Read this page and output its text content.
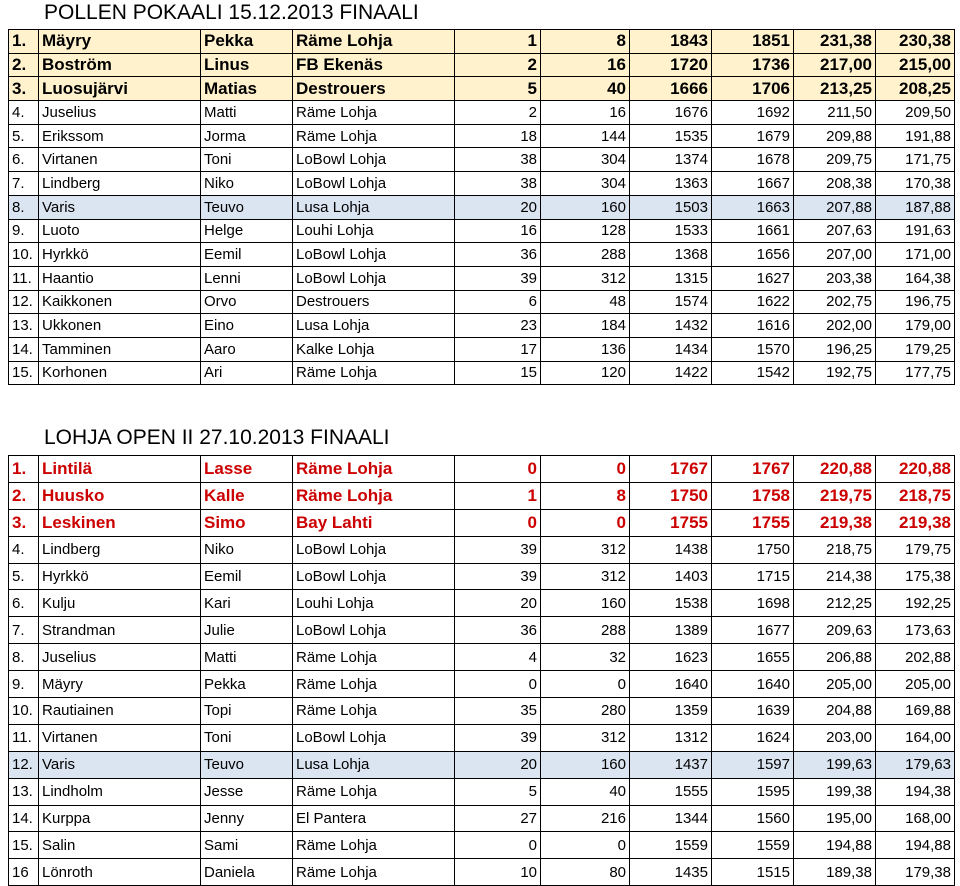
POLLEN POKAALI 15.12.2013 FINAALI
1.	Mäyry	Pekka	Räme Lohja	1	8	1843	1851	231,38	230,38
2.	Boström	Linus	FB Ekenäs	2	16	1720	1736	217,00	215,00
3.	Luosujärvi	Matias	Destrouers	5	40	1666	1706	213,25	208,25
4.	Juselius	Matti	Räme Lohja	2	16	1676	1692	211,50	209,50
5.	Erikssom	Jorma	Räme Lohja	18	144	1535	1679	209,88	191,88
6.	Virtanen	Toni	LoBowl Lohja	38	304	1374	1678	209,75	171,75
7.	Lindberg	Niko	LoBowl Lohja	38	304	1363	1667	208,38	170,38
8.	Varis	Teuvo	Lusa Lohja	20	160	1503	1663	207,88	187,88
9.	Luoto	Helge	Louhi Lohja	16	128	1533	1661	207,63	191,63
10.	Hyrkkö	Eemil	LoBowl Lohja	36	288	1368	1656	207,00	171,00
11.	Haantio	Lenni	LoBowl Lohja	39	312	1315	1627	203,38	164,38
12.	Kaikkonen	Orvo	Destrouers	6	48	1574	1622	202,75	196,75
13.	Ukkonen	Eino	Lusa Lohja	23	184	1432	1616	202,00	179,00
14.	Tamminen	Aaro	Kalke Lohja	17	136	1434	1570	196,25	179,25
15.	Korhonen	Ari	Räme Lohja	15	120	1422	1542	192,75	177,75
LOHJA OPEN II 27.10.2013 FINAALI
1.	Lintilä	Lasse	Räme Lohja	0	0	1767	1767	220,88	220,88
2.	Huusko	Kalle	Räme Lohja	1	8	1750	1758	219,75	218,75
3.	Leskinen	Simo	Bay Lahti	0	0	1755	1755	219,38	219,38
4.	Lindberg	Niko	LoBowl Lohja	39	312	1438	1750	218,75	179,75
5.	Hyrkkö	Eemil	LoBowl Lohja	39	312	1403	1715	214,38	175,38
6.	Kulju	Kari	Louhi Lohja	20	160	1538	1698	212,25	192,25
7.	Strandman	Julie	LoBowl Lohja	36	288	1389	1677	209,63	173,63
8.	Juselius	Matti	Räme Lohja	4	32	1623	1655	206,88	202,88
9.	Mäyry	Pekka	Räme Lohja	0	0	1640	1640	205,00	205,00
10.	Rautiainen	Topi	Räme Lohja	35	280	1359	1639	204,88	169,88
11.	Virtanen	Toni	LoBowl Lohja	39	312	1312	1624	203,00	164,00
12.	Varis	Teuvo	Lusa Lohja	20	160	1437	1597	199,63	179,63
13.	Lindholm	Jesse	Räme Lohja	5	40	1555	1595	199,38	194,38
14.	Kurppa	Jenny	El Pantera	27	216	1344	1560	195,00	168,00
15.	Salin	Sami	Räme Lohja	0	0	1559	1559	194,88	194,88
16	Lönroth	Daniela	Räme Lohja	10	80	1435	1515	189,38	179,38
